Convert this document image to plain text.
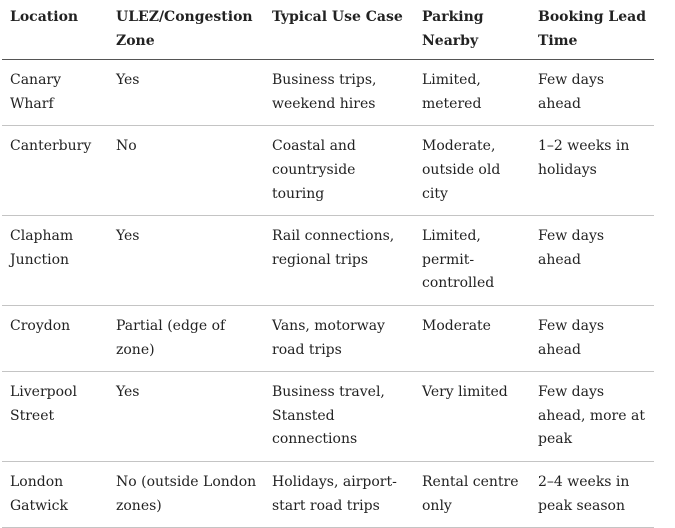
Location	ULEZ/Congestion Zone	Typical Use Case	Parking Nearby	Booking Lead Time
Canary Wharf	Yes	Business trips, weekend hires	Limited, metered	Few days ahead
Canterbury	No	Coastal and countryside touring	Moderate, outside old city	1–2 weeks in holidays
Clapham Junction	Yes	Rail connections, regional trips	Limited, permit-controlled	Few days ahead
Croydon	Partial (edge of zone)	Vans, motorway road trips	Moderate	Few days ahead
Liverpool Street	Yes	Business travel, Stansted connections	Very limited	Few days ahead, more at peak
London Gatwick	No (outside London zones)	Holidays, airport-start road trips	Rental centre only	2–4 weeks in peak season
